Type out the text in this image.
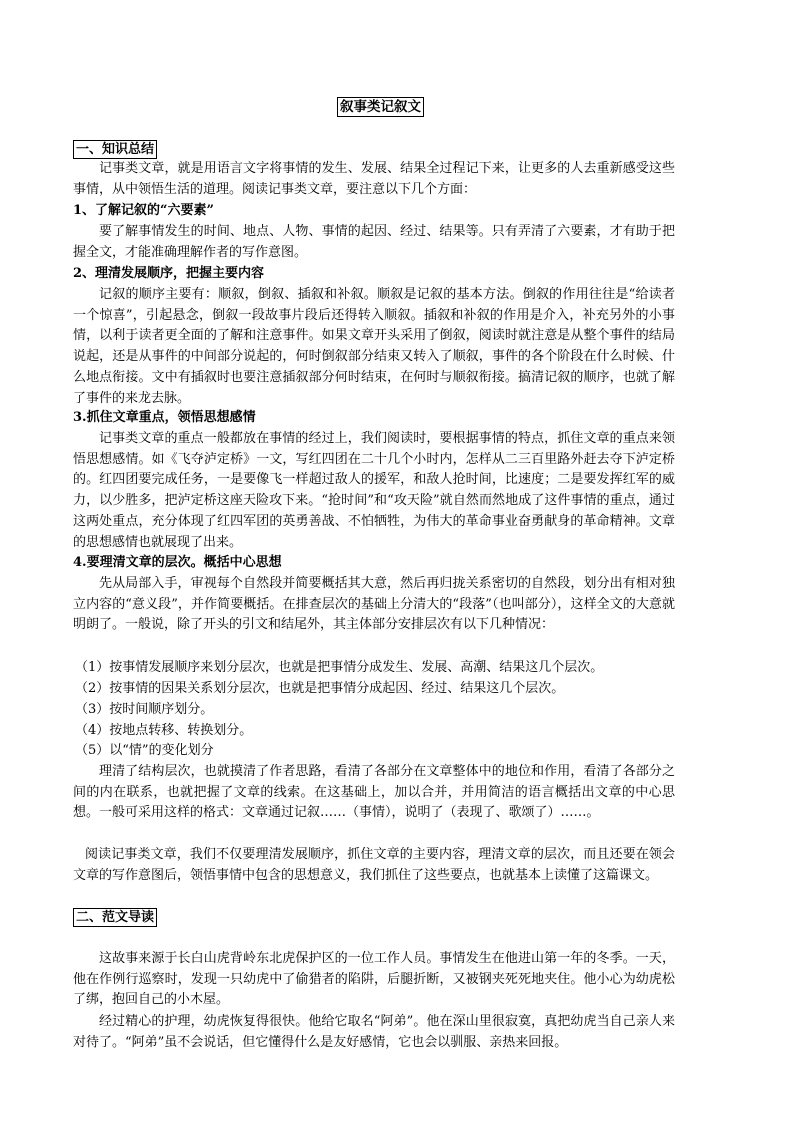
叙事类记叙文
一、知识总结
记事类文章，就是用语言文字将事情的发生、发展、结果全过程记下来，让更多的人去重新感受这些事情，从中领悟生活的道理。阅读记事类文章，要注意以下几个方面：
1、了解记叙的“六要素”
要了解事情发生的时间、地点、人物、事情的起因、经过、结果等。只有弄清了六要素，才有助于把握全文，才能准确理解作者的写作意图。
2、理清发展顺序，把握主要内容
记叙的顺序主要有：顺叙，倒叙、插叙和补叙。顺叙是记叙的基本方法。倒叙的作用往往是“给读者一个惊喜”，引起悬念，倒叙一段故事片段后还得转入顺叙。插叙和补叙的作用是介入，补充另外的小事情，以利于读者更全面的了解和注意事件。如果文章开头采用了倒叙，阅读时就注意是从整个事件的结局说起，还是从事件的中间部分说起的，何时倒叙部分结束又转入了顺叙，事件的各个阶段在什么时候、什么地点衔接。文中有插叙时也要注意插叙部分何时结束，在何时与顺叙衔接。搞清记叙的顺序，也就了解了事件的来龙去脉。
3.抓住文章重点，领悟思想感情
记事类文章的重点一般都放在事情的经过上，我们阅读时，要根据事情的特点，抓住文章的重点来领悟思想感情。如《飞夺泸定桥》一文，写红四团在二十几个小时内，怎样从二三百里路外赶去夺下泸定桥的。红四团要完成任务，一是要像飞一样超过敌人的援军，和敌人抢时间，比速度；二是要发挥红军的威力，以少胜多，把泸定桥这座天险攻下来。“抢时间”和“攻天险”就自然而然地成了这件事情的重点，通过这两处重点，充分体现了红四军团的英勇善战、不怕牺牲，为伟大的革命事业奋勇献身的革命精神。文章的思想感情也就展现了出来。
4.要理清文章的层次。概括中心思想
先从局部入手，审视每个自然段并简要概括其大意，然后再归拢关系密切的自然段，划分出有相对独立内容的“意义段”，并作简要概括。在排查层次的基础上分清大的“段落”（也叫部分），这样全文的大意就明朗了。一般说，除了开头的引文和结尾外，其主体部分安排层次有以下几种情况：
（1）按事情发展顺序来划分层次，也就是把事情分成发生、发展、高潮、结果这几个层次。
（2）按事情的因果关系划分层次，也就是把事情分成起因、经过、结果这几个层次。
（3）按时间顺序划分。
（4）按地点转移、转换划分。
（5）以“情”的变化划分
理清了结构层次，也就摸清了作者思路，看清了各部分在文章整体中的地位和作用，看清了各部分之间的内在联系，也就把握了文章的线索。在这基础上，加以合并，并用简洁的语言概括出文章的中心思想。一般可采用这样的格式：文章通过记叙……（事情），说明了（表现了、歌颂了）……。
阅读记事类文章，我们不仅要理清发展顺序，抓住文章的主要内容，理清文章的层次，而且还要在领会文章的写作意图后，领悟事情中包含的思想意义，我们抓住了这些要点，也就基本上读懂了这篇课文。
二、范文导读
这故事来源于长白山虎背岭东北虎保护区的一位工作人员。事情发生在他进山第一年的冬季。一天，他在作例行巡察时，发现一只幼虎中了偷猎者的陷阱，后腿折断，又被钢夹死死地夹住。他小心为幼虎松了绑，抱回自己的小木屋。
经过精心的护理，幼虎恢复得很快。他给它取名“阿弟”。他在深山里很寂寞，真把幼虎当自己亲人来对待了。“阿弟”虽不会说话，但它懂得什么是友好感情，它也会以驯服、亲热来回报。
